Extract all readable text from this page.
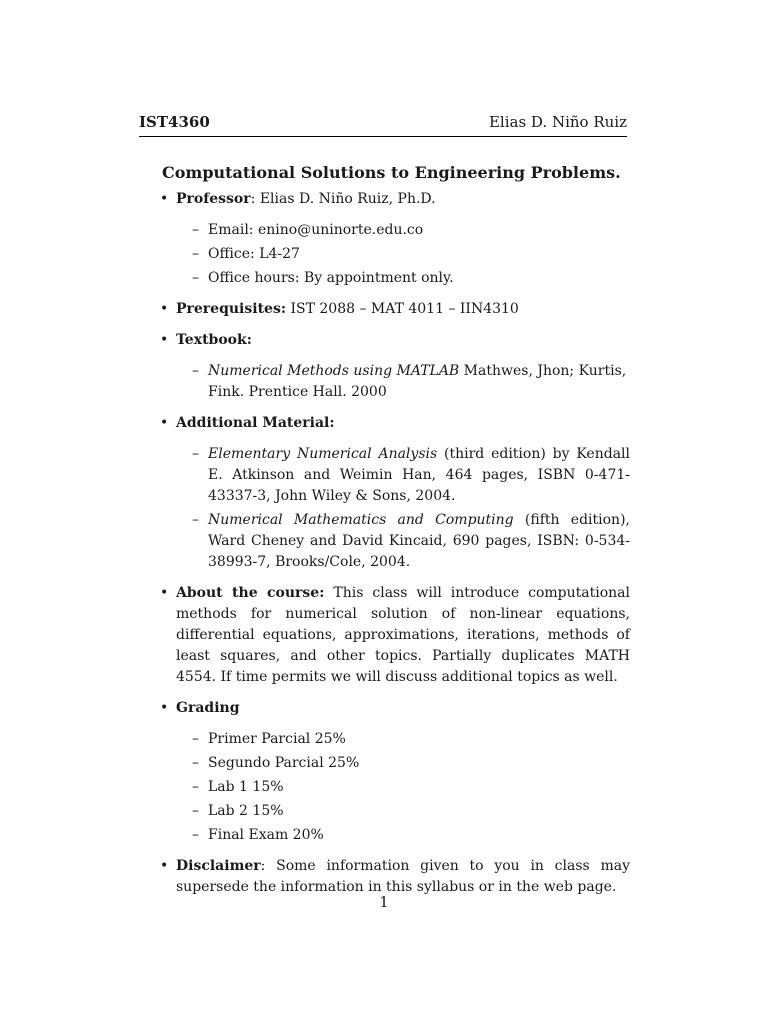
IST4360	Elias D. Niño Ruiz
Computational Solutions to Engineering Problems.
• Professor: Elias D. Niño Ruiz, Ph.D.
– Email: enino@uninorte.edu.co
– Office: L4-27
– Office hours: By appointment only.
• Prerequisites: IST 2088 – MAT 4011 – IIN4310
• Textbook:
– Numerical Methods using MATLAB Mathwes, Jhon; Kurtis, Fink. Prentice Hall. 2000
• Additional Material:
– Elementary Numerical Analysis (third edition) by Kendall E. Atkinson and Weimin Han, 464 pages, ISBN 0-471-43337-3, John Wiley & Sons, 2004.
– Numerical Mathematics and Computing (fifth edition), Ward Cheney and David Kincaid, 690 pages, ISBN: 0-534-38993-7, Brooks/Cole, 2004.
• About the course: This class will introduce computational methods for numerical solution of non-linear equations, differential equations, approximations, iterations, methods of least squares, and other topics. Partially duplicates MATH 4554. If time permits we will discuss additional topics as well.
• Grading
– Primer Parcial 25%
– Segundo Parcial 25%
– Lab 1 15%
– Lab 2 15%
– Final Exam 20%
• Disclaimer: Some information given to you in class may supersede the information in this syllabus or in the web page.
1
